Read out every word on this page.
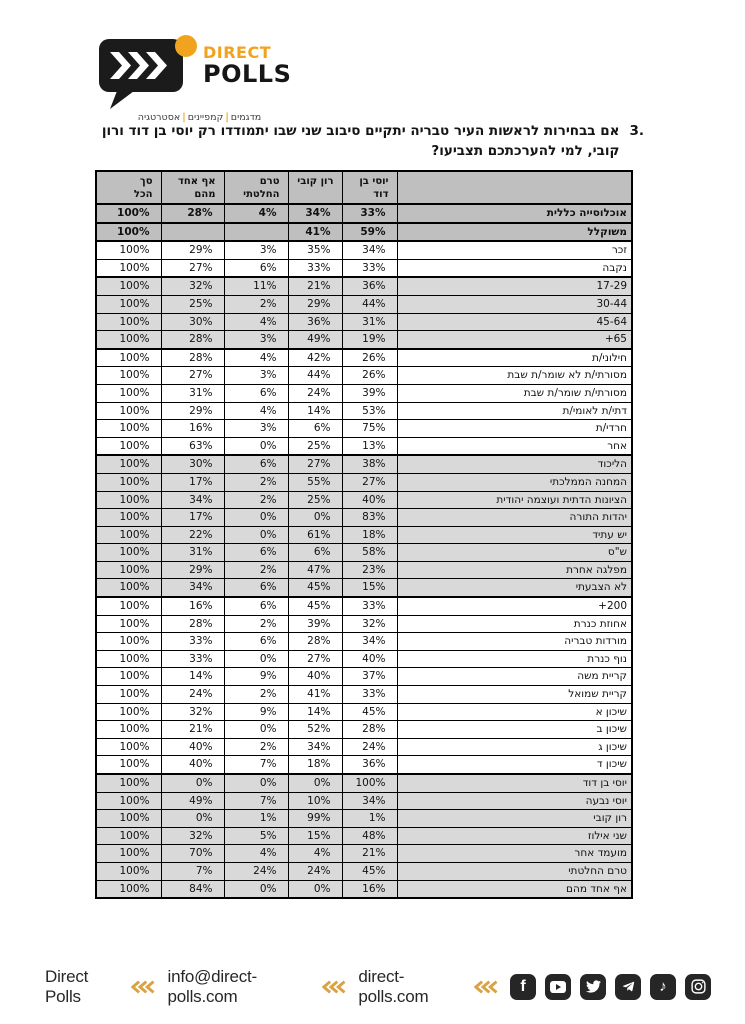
DIRECT
POLLS
מדגמים|קמפיינים|אסטרטגיה
3.
אם בבחירות לראשות העיר טבריה יתקיים סיבוב שני שבו יתמודדו רק יוסי בן דוד ורון קובי, למי להערכתכם תצביעו?
	יוסי בן דוד	רון קובי	טרם החלטתי	אף אחד מהם	סך הכל
אוכלוסייה כללית	33%	34%	4%	28%	100%
משוקלל	59%	41%			100%
זכר	34%	35%	3%	29%	100%
נקבה	33%	33%	6%	27%	100%
17-29	36%	21%	11%	32%	100%
30-44	44%	29%	2%	25%	100%
45-64	31%	36%	4%	30%	100%
65+	19%	49%	3%	28%	100%
חילוני/ת	26%	42%	4%	28%	100%
מסורתי/ת לא שומר/ת שבת	26%	44%	3%	27%	100%
מסורתי/ת שומר/ת שבת	39%	24%	6%	31%	100%
דתי/ת לאומי/ת	53%	14%	4%	29%	100%
חרדי/ת	75%	6%	3%	16%	100%
אחר	13%	25%	0%	63%	100%
הליכוד	38%	27%	6%	30%	100%
המחנה הממלכתי	27%	55%	2%	17%	100%
הציונות הדתית ועוצמה יהודית	40%	25%	2%	34%	100%
יהדות התורה	83%	0%	0%	17%	100%
יש עתיד	18%	61%	0%	22%	100%
ש"ס	58%	6%	6%	31%	100%
מפלגה אחרת	23%	47%	2%	29%	100%
לא הצבעתי	15%	45%	6%	34%	100%
200+	33%	45%	6%	16%	100%
אחוזת כנרת	32%	39%	2%	28%	100%
מורדות טבריה	34%	28%	6%	33%	100%
נוף כנרת	40%	27%	0%	33%	100%
קריית משה	37%	40%	9%	14%	100%
קריית שמואל	33%	41%	2%	24%	100%
שיכון א	45%	14%	9%	32%	100%
שיכון ב	28%	52%	0%	21%	100%
שיכון ג	24%	34%	2%	40%	100%
שיכון ד	36%	18%	7%	40%	100%
יוסי בן דוד	100%	0%	0%	0%	100%
יוסי נבעה	34%	10%	7%	49%	100%
רון קובי	1%	99%	1%	0%	100%
שני אילוז	48%	15%	5%	32%	100%
מועמד אחר	21%	4%	4%	70%	100%
טרם החלטתי	45%	24%	24%	7%	100%
אף אחד מהם	16%	0%	0%	84%	100%
Direct Polls
info@direct-polls.com
direct-polls.com
f	♪
